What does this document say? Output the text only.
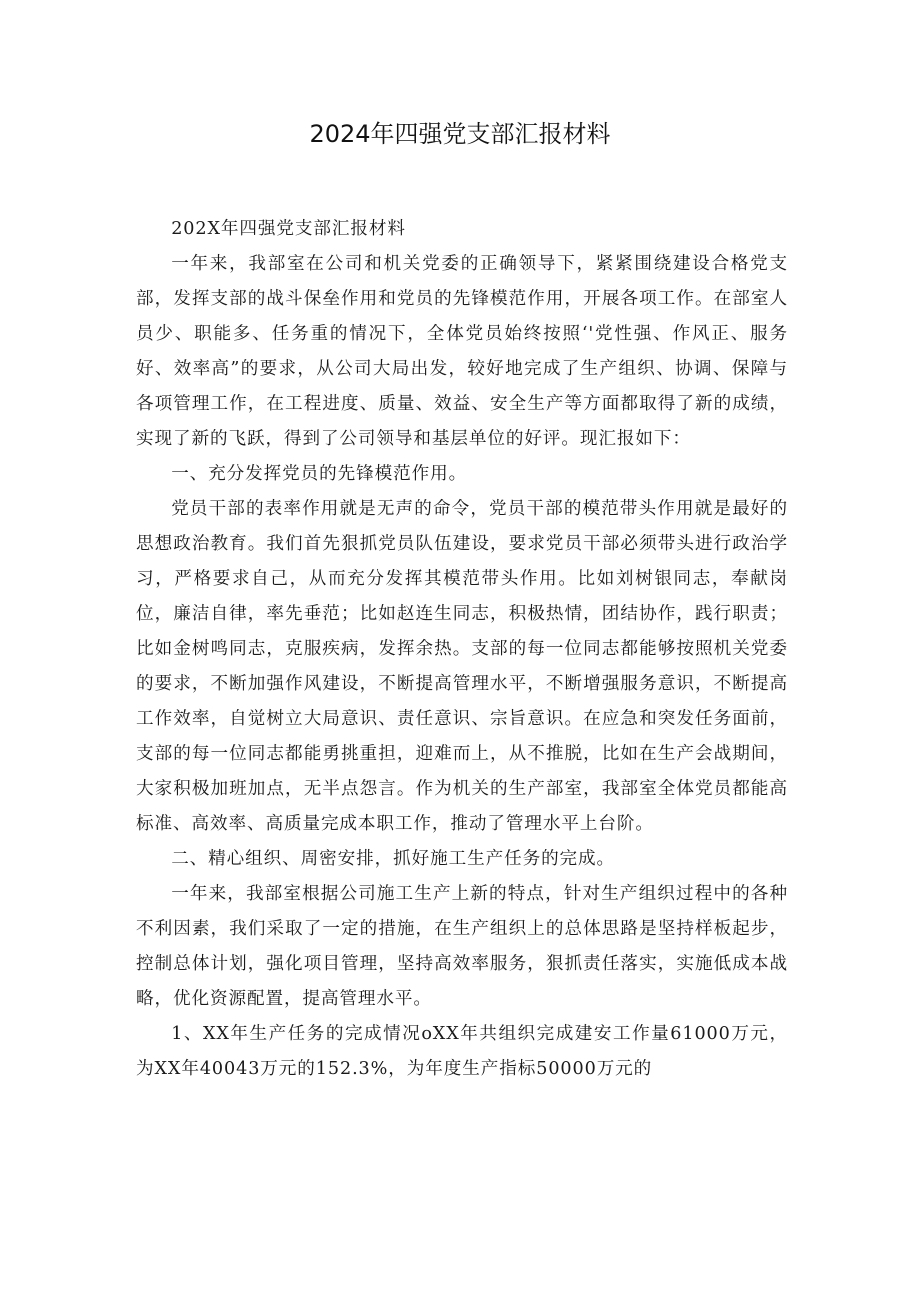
2024年四强党支部汇报材料

202X年四强党支部汇报材料

一年来，我部室在公司和机关党委的正确领导下，紧紧围绕建设合格党支部，发挥支部的战斗保垒作用和党员的先锋模范作用，开展各项工作。在部室人员少、职能多、任务重的情况下，全体党员始终按照‘'党性强、作风正、服务好、效率高”的要求，从公司大局出发，较好地完成了生产组织、协调、保障与各项管理工作，在工程进度、质量、效益、安全生产等方面都取得了新的成绩，实现了新的飞跃，得到了公司领导和基层单位的好评。现汇报如下：

一、充分发挥党员的先锋模范作用。

党员干部的表率作用就是无声的命令，党员干部的模范带头作用就是最好的思想政治教育。我们首先狠抓党员队伍建设，要求党员干部必须带头进行政治学习，严格要求自己，从而充分发挥其模范带头作用。比如刘树银同志，奉献岗位，廉洁自律，率先垂范；比如赵连生同志，积极热情，团结协作，践行职责；比如金树鸣同志，克服疾病，发挥余热。支部的每一位同志都能够按照机关党委的要求，不断加强作风建设，不断提高管理水平，不断增强服务意识，不断提高工作效率，自觉树立大局意识、责任意识、宗旨意识。在应急和突发任务面前，支部的每一位同志都能勇挑重担，迎难而上，从不推脱，比如在生产会战期间，大家积极加班加点，无半点怨言。作为机关的生产部室，我部室全体党员都能高标准、高效率、高质量完成本职工作，推动了管理水平上台阶。

二、精心组织、周密安排，抓好施工生产任务的完成。

一年来，我部室根据公司施工生产上新的特点，针对生产组织过程中的各种不利因素，我们采取了一定的措施，在生产组织上的总体思路是坚持样板起步，控制总体计划，强化项目管理，坚持高效率服务，狠抓责任落实，实施低成本战略，优化资源配置，提高管理水平。

1、XX年生产任务的完成情况oXX年共组织完成建安工作量61000万元，为XX年40043万元的152.3%，为年度生产指标50000万元的
